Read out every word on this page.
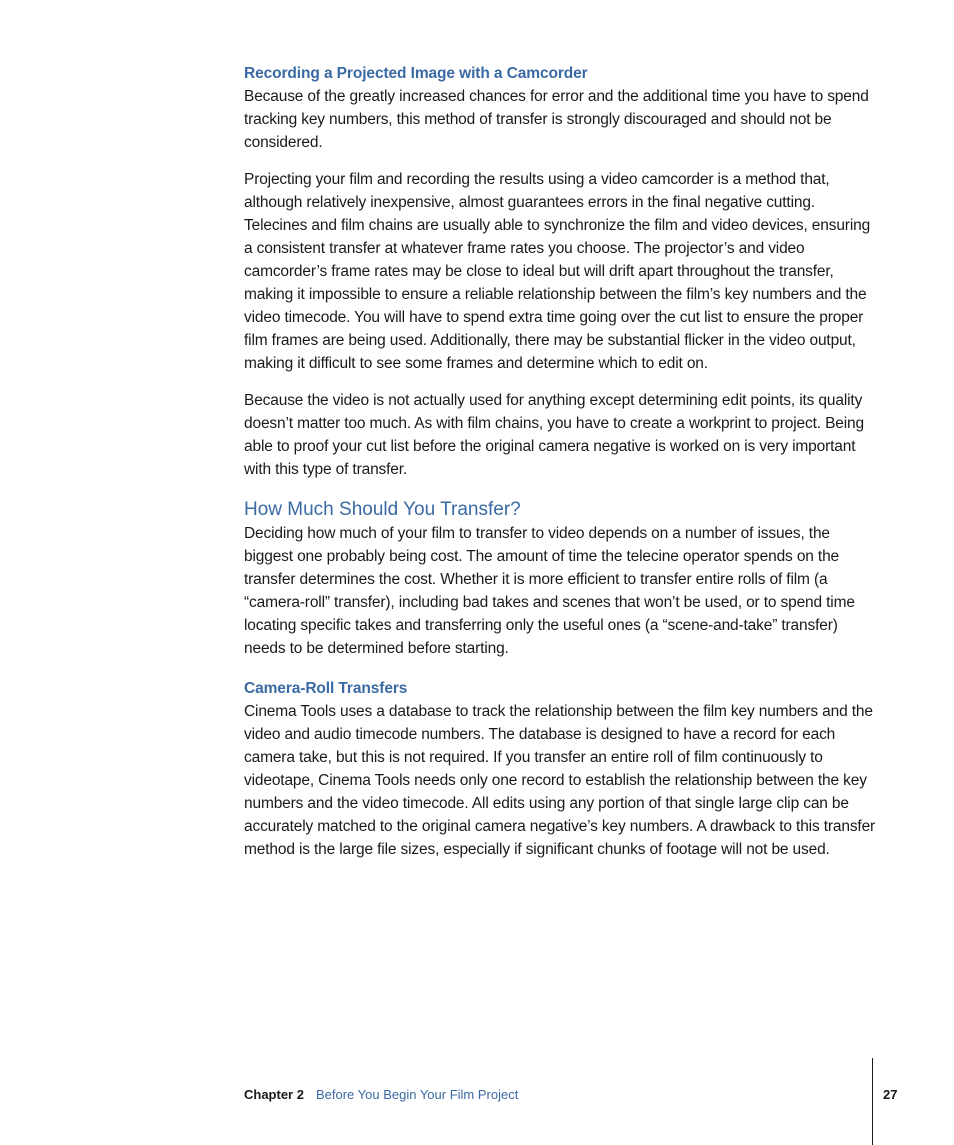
Recording a Projected Image with a Camcorder

Because of the greatly increased chances for error and the additional time you have to spend tracking key numbers, this method of transfer is strongly discouraged and should not be considered.

Projecting your film and recording the results using a video camcorder is a method that, although relatively inexpensive, almost guarantees errors in the final negative cutting. Telecines and film chains are usually able to synchronize the film and video devices, ensuring a consistent transfer at whatever frame rates you choose. The projector’s and video camcorder’s frame rates may be close to ideal but will drift apart throughout the transfer, making it impossible to ensure a reliable relationship between the film’s key numbers and the video timecode. You will have to spend extra time going over the cut list to ensure the proper film frames are being used. Additionally, there may be substantial flicker in the video output, making it difficult to see some frames and determine which to edit on.

Because the video is not actually used for anything except determining edit points, its quality doesn’t matter too much. As with film chains, you have to create a workprint to project. Being able to proof your cut list before the original camera negative is worked on is very important with this type of transfer.

How Much Should You Transfer?

Deciding how much of your film to transfer to video depends on a number of issues, the biggest one probably being cost. The amount of time the telecine operator spends on the transfer determines the cost. Whether it is more efficient to transfer entire rolls of film (a “camera-roll” transfer), including bad takes and scenes that won’t be used, or to spend time locating specific takes and transferring only the useful ones (a “scene-and-take” transfer) needs to be determined before starting.

Camera-Roll Transfers

Cinema Tools uses a database to track the relationship between the film key numbers and the video and audio timecode numbers. The database is designed to have a record for each camera take, but this is not required. If you transfer an entire roll of film continuously to videotape, Cinema Tools needs only one record to establish the relationship between the key numbers and the video timecode. All edits using any portion of that single large clip can be accurately matched to the original camera negative’s key numbers. A drawback to this transfer method is the large file sizes, especially if significant chunks of footage will not be used.

Chapter 2 Before You Begin Your Film Project	27
